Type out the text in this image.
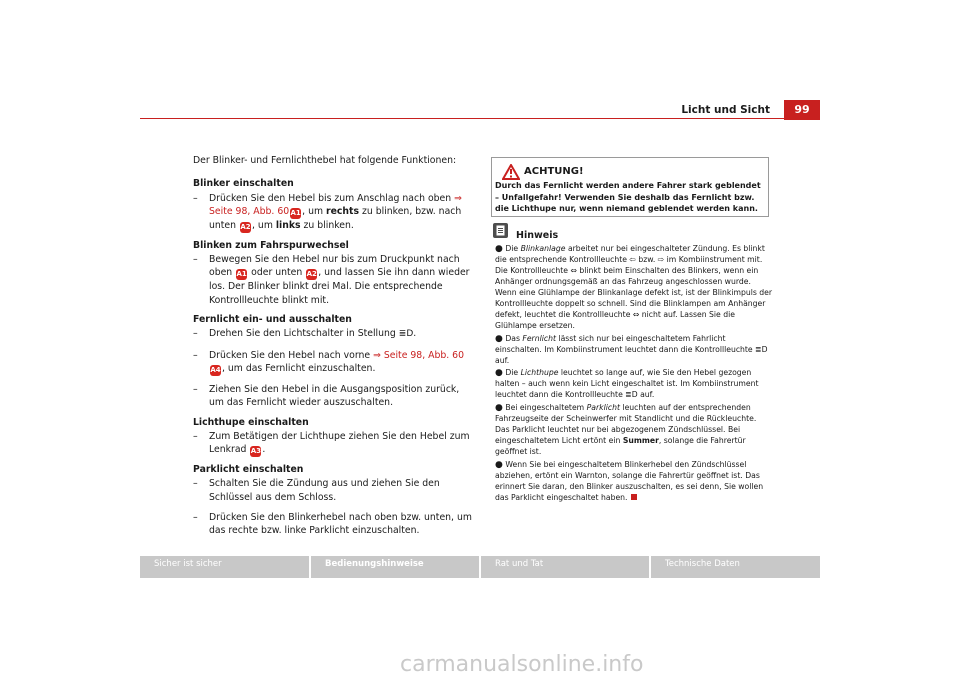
Licht und Sicht	99

Der Blinker- und Fernlichthebel hat folgende Funktionen:

Blinker einschalten

– Drücken Sie den Hebel bis zum Anschlag nach oben ⇒ Seite 98, Abb. 60A1, um rechts zu blinken, bzw. nach unten A2, um links zu blinken.

Blinken zum Fahrspurwechsel

– Bewegen Sie den Hebel nur bis zum Druckpunkt nach oben A1 oder unten A2, und lassen Sie ihn dann wieder los. Der Blinker blinkt drei Mal. Die entsprechende Kontrollleuchte blinkt mit.

Fernlicht ein- und ausschalten

– Drehen Sie den Lichtschalter in Stellung ≣D.

– Drücken Sie den Hebel nach vorne ⇒ Seite 98, Abb. 60 A4, um das Fernlicht einzuschalten.

– Ziehen Sie den Hebel in die Ausgangsposition zurück, um das Fernlicht wieder auszuschalten.

Lichthupe einschalten

– Zum Betätigen der Lichthupe ziehen Sie den Hebel zum Lenkrad A3.

Parklicht einschalten

– Schalten Sie die Zündung aus und ziehen Sie den Schlüssel aus dem Schloss.

– Drücken Sie den Blinkerhebel nach oben bzw. unten, um das rechte bzw. linke Parklicht einzuschalten.

ACHTUNG!
Durch das Fernlicht werden andere Fahrer stark geblendet – Unfallgefahr! Verwenden Sie deshalb das Fernlicht bzw. die Lichthupe nur, wenn niemand geblendet werden kann.
Hinweis

● Die Blinkanlage arbeitet nur bei eingeschalteter Zündung. Es blinkt die entsprechende Kontrollleuchte ⇦ bzw. ⇨ im Kombiinstrument mit. Die Kontrollleuchte ⇔ blinkt beim Einschalten des Blinkers, wenn ein Anhänger ordnungsgemäß an das Fahrzeug angeschlossen wurde. Wenn eine Glühlampe der Blinkanlage defekt ist, ist der Blinkimpuls der Kontrollleuchte doppelt so schnell. Sind die Blinklampen am Anhänger defekt, leuchtet die Kontrollleuchte ⇔ nicht auf. Lassen Sie die Glühlampe ersetzen.

● Das Fernlicht lässt sich nur bei eingeschaltetem Fahrlicht einschalten. Im Kombiinstrument leuchtet dann die Kontrollleuchte ≣D auf.

● Die Lichthupe leuchtet so lange auf, wie Sie den Hebel gezogen halten – auch wenn kein Licht eingeschaltet ist. Im Kombiinstrument leuchtet dann die Kontrollleuchte ≣D auf.

● Bei eingeschaltetem Parklicht leuchten auf der entsprechenden Fahrzeugseite der Scheinwerfer mit Standlicht und die Rückleuchte. Das Parklicht leuchtet nur bei abgezogenem Zündschlüssel. Bei eingeschaltetem Licht ertönt ein Summer, solange die Fahrertür geöffnet ist.

● Wenn Sie bei eingeschaltetem Blinkerhebel den Zündschlüssel abziehen, ertönt ein Warnton, solange die Fahrertür geöffnet ist. Das erinnert Sie daran, den Blinker auszuschalten, es sei denn, Sie wollen das Parklicht eingeschaltet haben.

Sicher ist sicher	Bedienungshinweise	Rat und Tat	Technische Daten
carmanualsonline.info
